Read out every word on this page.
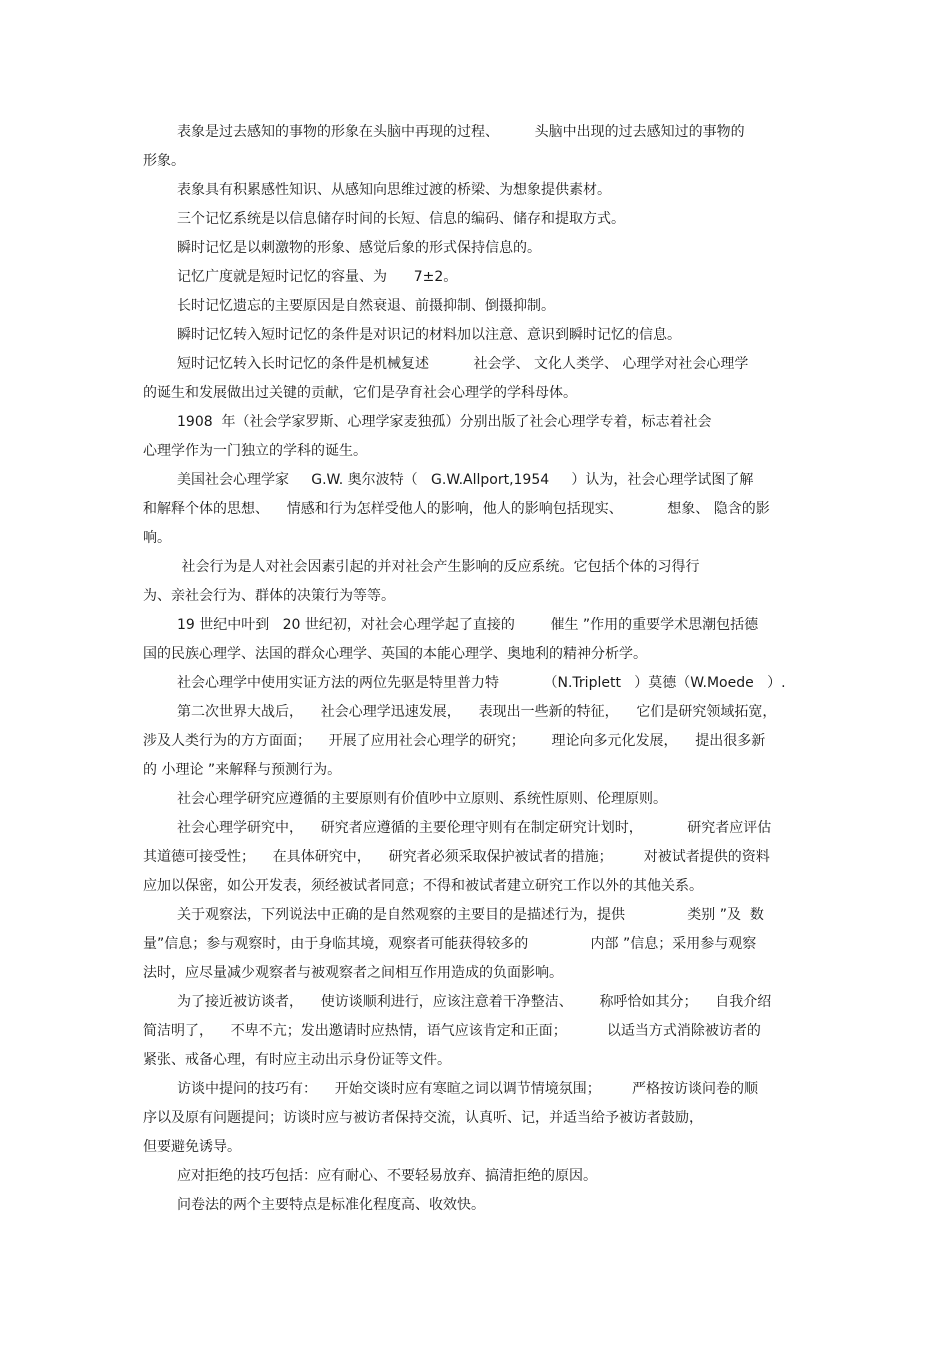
表象是过去感知的事物的形象在头脑中再现的过程、        头脑中出现的过去感知过的事物的
形象。
表象具有积累感性知识、从感知向思维过渡的桥梁、为想象提供素材。
三个记忆系统是以信息储存时间的长短、信息的编码、储存和提取方式。
瞬时记忆是以刺激物的形象、感觉后象的形式保持信息的。
记忆广度就是短时记忆的容量、为      7±2。
长时记忆遗忘的主要原因是自然衰退、前摄抑制、倒摄抑制。
瞬时记忆转入短时记忆的条件是对识记的材料加以注意、意识到瞬时记忆的信息。
短时记忆转入长时记忆的条件是机械复述          社会学、 文化人类学、 心理学对社会心理学
的诞生和发展做出过关键的贡献，它们是孕育社会心理学的学科母体。
1908  年（社会学家罗斯、心理学家麦独孤）分别出版了社会心理学专着，标志着社会
心理学作为一门独立的学科的诞生。
美国社会心理学家     G.W. 奥尔波特（   G.W.Allport,1954     ）认为，社会心理学试图了解
和解释个体的思想、    情感和行为怎样受他人的影响，他人的影响包括现实、          想象、 隐含的影
响。
社会行为是人对社会因素引起的并对社会产生影响的反应系统。它包括个体的习得行
为、亲社会行为、群体的决策行为等等。
19 世纪中叶到   20 世纪初，对社会心理学起了直接的        催生 ”作用的重要学术思潮包括德
国的民族心理学、法国的群众心理学、英国的本能心理学、奥地利的精神分析学。
社会心理学中使用实证方法的两位先驱是特里普力特          （N.Triplett   ）莫德（W.Moede   ）.
第二次世界大战后，    社会心理学迅速发展，    表现出一些新的特征，    它们是研究领域拓宽，
涉及人类行为的方方面面；    开展了应用社会心理学的研究；      理论向多元化发展，    提出很多新
的 小理论 ”来解释与预测行为。
社会心理学研究应遵循的主要原则有价值吵中立原则、系统性原则、伦理原则。
社会心理学研究中，    研究者应遵循的主要伦理守则有在制定研究计划时，          研究者应评估
其道德可接受性；    在具体研究中，    研究者必须采取保护被试者的措施；       对被试者提供的资料
应加以保密，如公开发表，须经被试者同意；不得和被试者建立研究工作以外的其他关系。
关于观察法，下列说法中正确的是自然观察的主要目的是描述行为，提供              类别 ”及  数
量”信息；参与观察时，由于身临其境，观察者可能获得较多的              内部 ”信息；采用参与观察
法时，应尽量减少观察者与被观察者之间相互作用造成的负面影响。
为了接近被访谈者，    使访谈顺利进行，应该注意着干净整洁、      称呼恰如其分；    自我介绍
简洁明了，    不卑不亢；发出邀请时应热情，语气应该肯定和正面；         以适当方式消除被访者的
紧张、戒备心理，有时应主动出示身份证等文件。
访谈中提问的技巧有：    开始交谈时应有寒暄之词以调节情境氛围；       严格按访谈问卷的顺
序以及原有问题提问；访谈时应与被访者保持交流，认真听、记，并适当给予被访者鼓励，
但要避免诱导。
应对拒绝的技巧包括：应有耐心、不要轻易放弃、搞清拒绝的原因。
问卷法的两个主要特点是标准化程度高、收效快。
